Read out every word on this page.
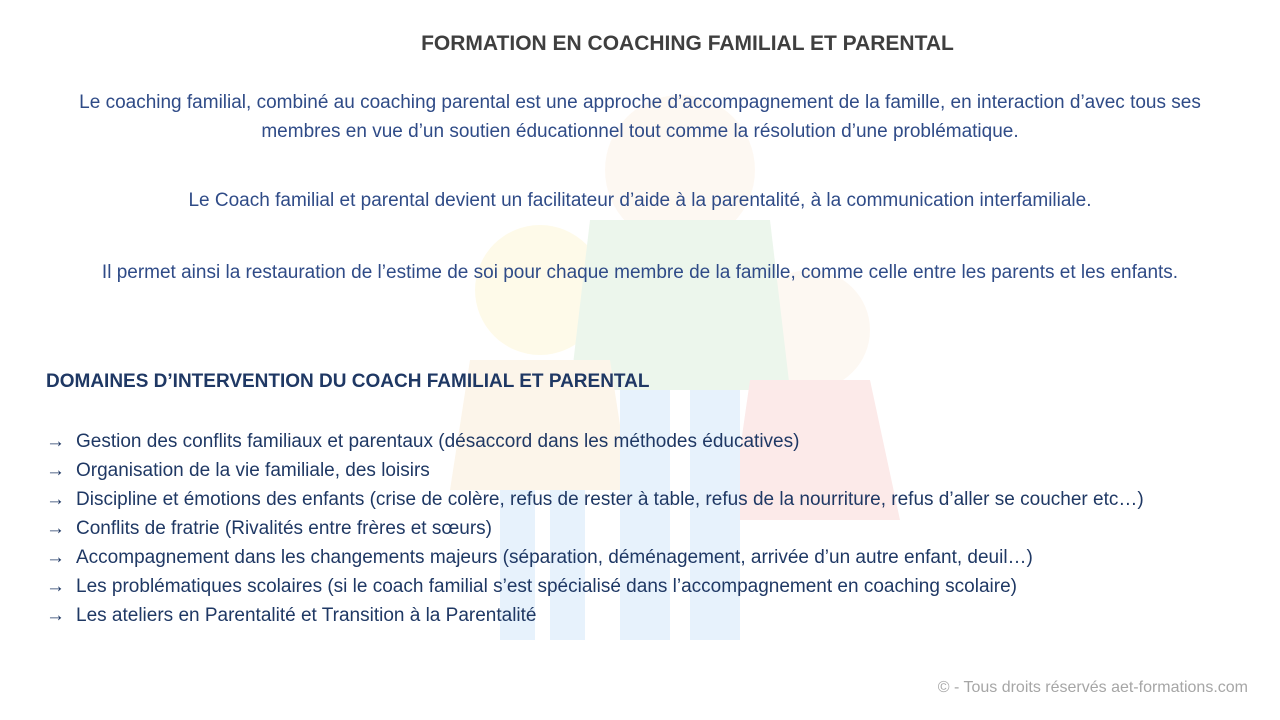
FORMATION EN COACHING FAMILIAL ET PARENTAL
Le coaching familial, combiné au coaching parental est une approche d’accompagnement de la famille, en interaction d’avec tous ses membres en vue d’un soutien éducationnel tout comme la résolution d’une problématique.
Le Coach familial et parental devient un facilitateur d’aide à la parentalité, à la communication interfamiliale.
Il permet ainsi la restauration de l’estime de soi pour chaque membre de la famille, comme celle entre les parents et les enfants.
DOMAINES D’INTERVENTION DU COACH FAMILIAL ET PARENTAL
→ Gestion des conflits familiaux et parentaux (désaccord dans les méthodes éducatives)
→ Organisation de la vie familiale, des loisirs
→ Discipline et émotions des enfants (crise de colère, refus de rester à table, refus de la nourriture, refus d’aller se coucher etc…)
→ Conflits de fratrie (Rivalités entre frères et sœurs)
→ Accompagnement dans les changements majeurs (séparation, déménagement, arrivée d’un autre enfant, deuil…)
→ Les problématiques scolaires (si le coach familial s’est spécialisé dans l’accompagnement en coaching scolaire)
→ Les ateliers en Parentalité et Transition à la Parentalité
© - Tous droits réservés aet-formations.com
